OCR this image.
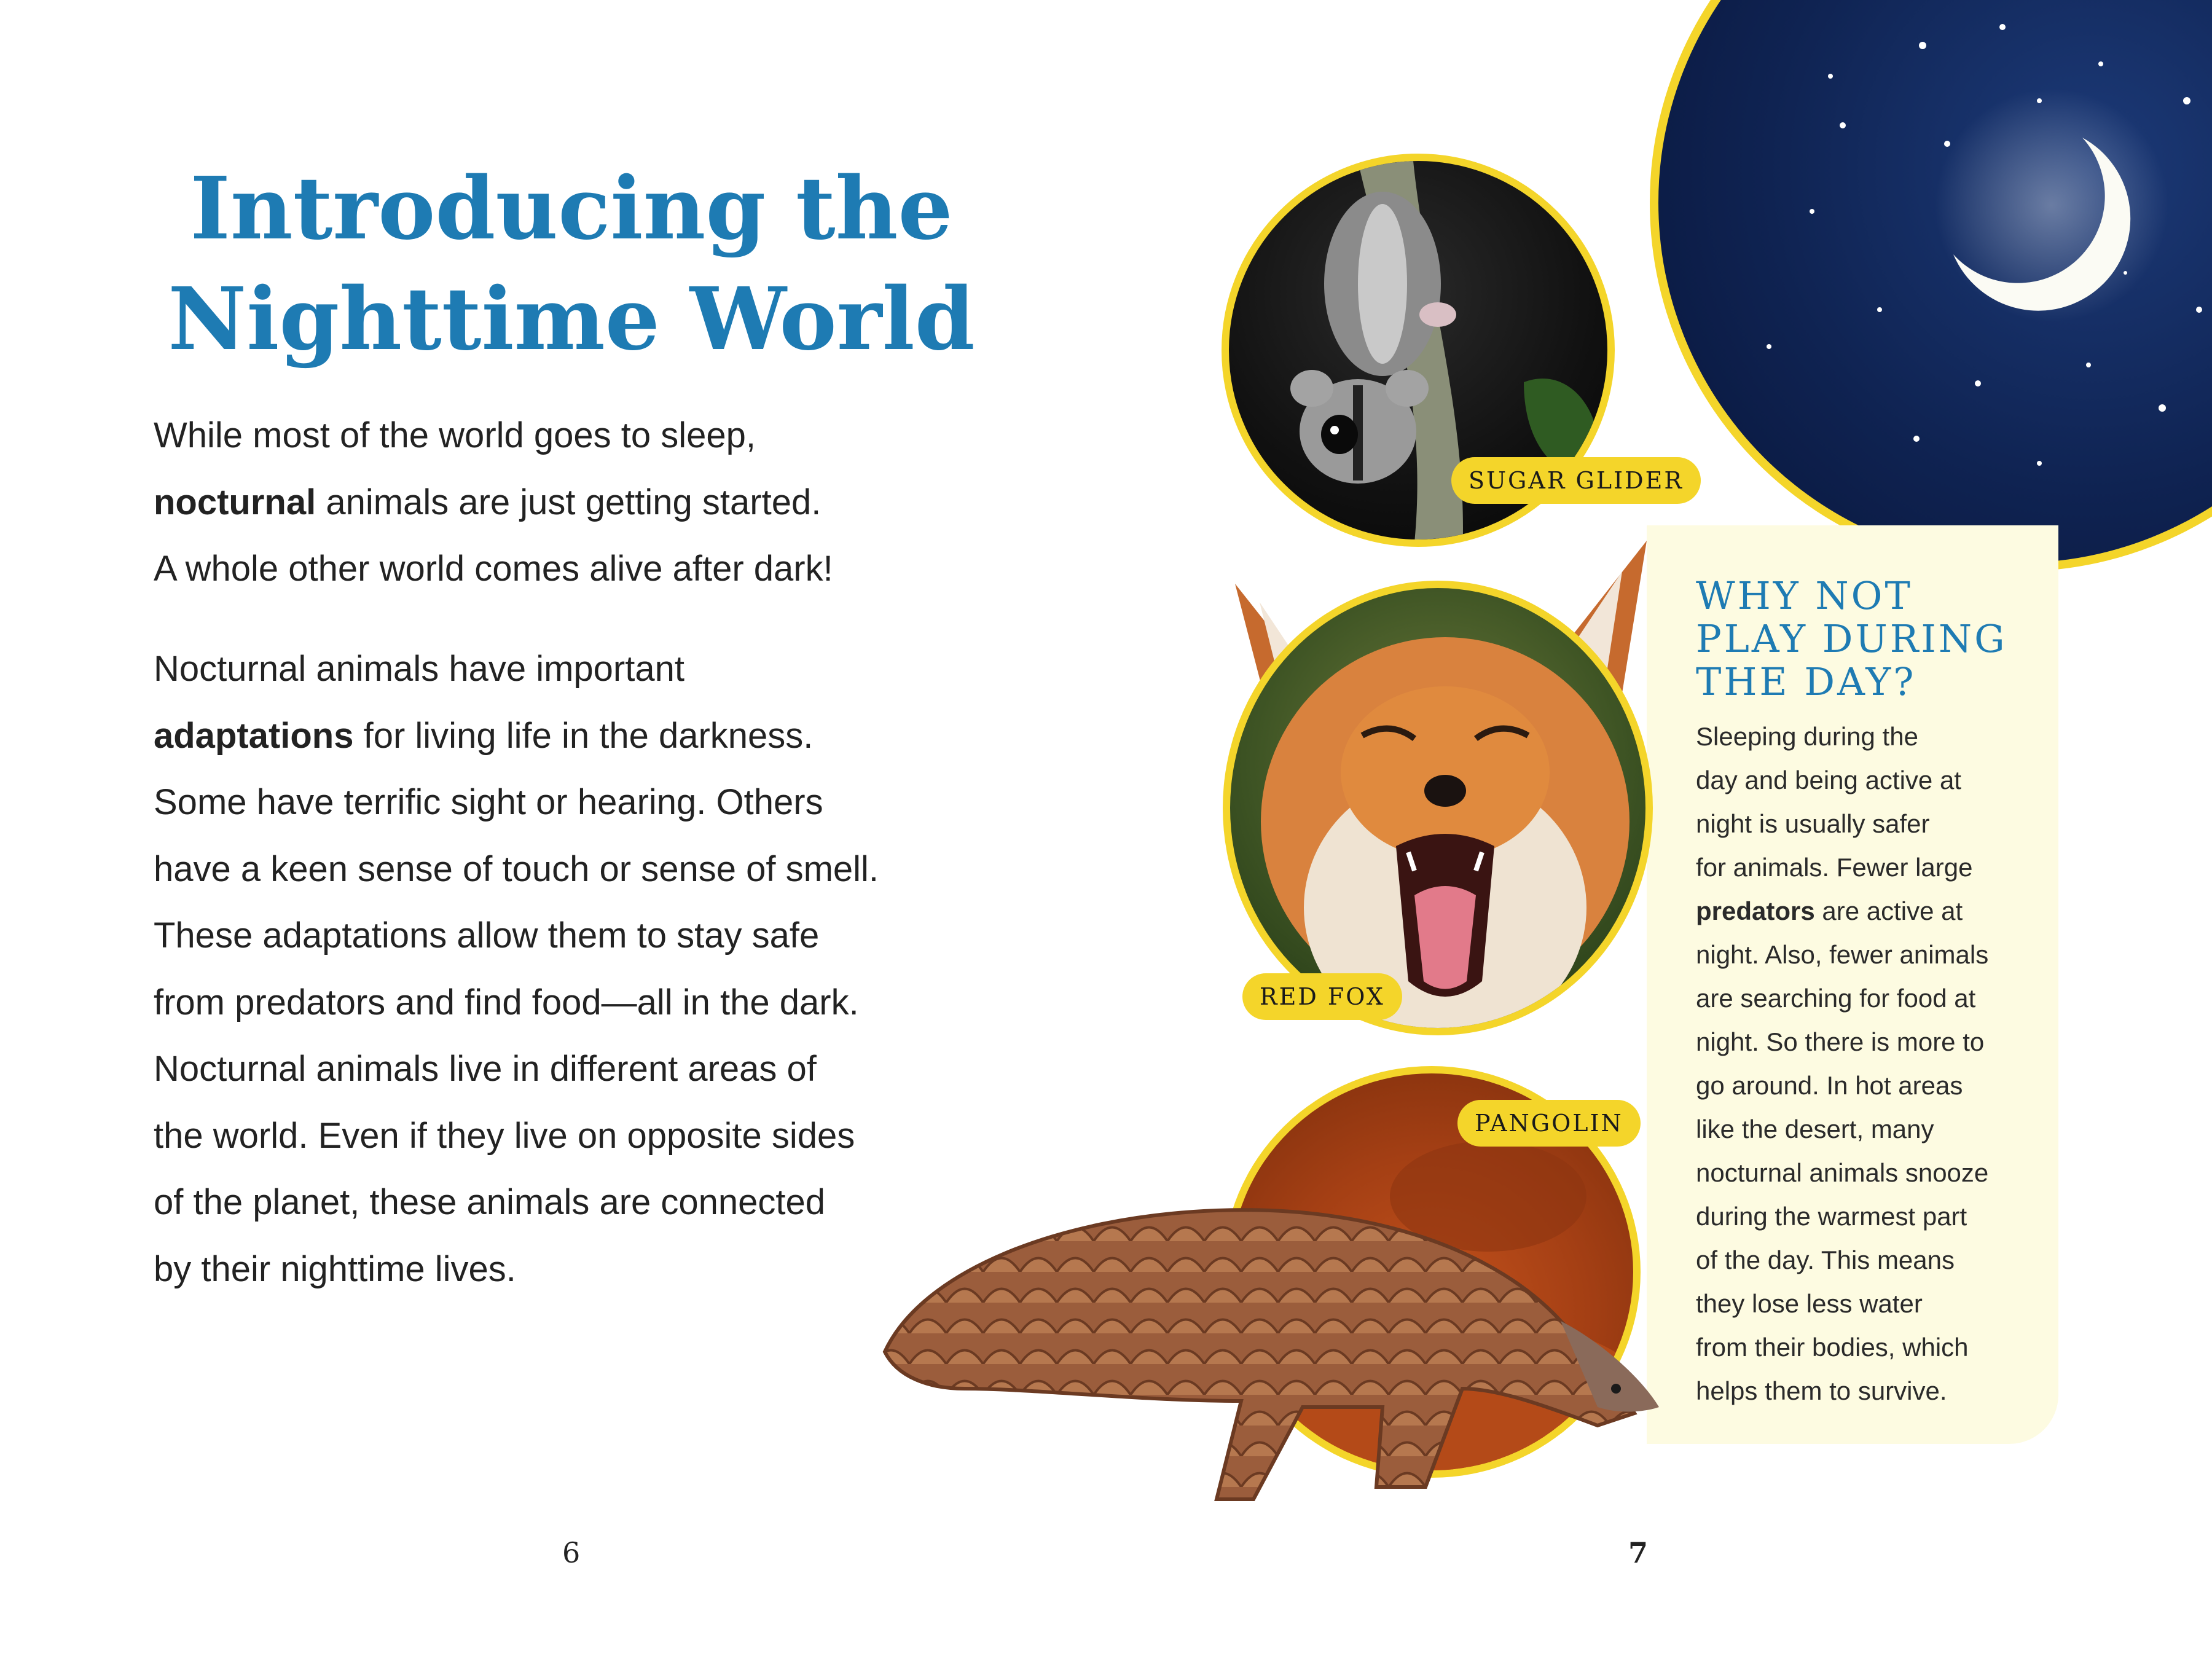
Introducing the
Nighttime World

While most of the world goes to sleep,
nocturnal animals are just getting started.
A whole other world comes alive after dark!

Nocturnal animals have important
adaptations for living life in the darkness.
Some have terrific sight or hearing. Others
have a keen sense of touch or sense of smell.
These adaptations allow them to stay safe
from predators and find food—all in the dark.
Nocturnal animals live in different areas of
the world. Even if they live on opposite sides
of the planet, these animals are connected
by their nighttime lives.

6
WHY NOT
PLAY DURING
THE DAY?

Sleeping during the
day and being active at
night is usually safer
for animals. Fewer large
predators are active at
night. Also, fewer animals
are searching for food at
night. So there is more to
go around. In hot areas
like the desert, many
nocturnal animals snooze
during the warmest part
of the day. This means
they lose less water
from their bodies, which
helps them to survive.

SUGAR GLIDER
RED FOX
PANGOLIN
7
